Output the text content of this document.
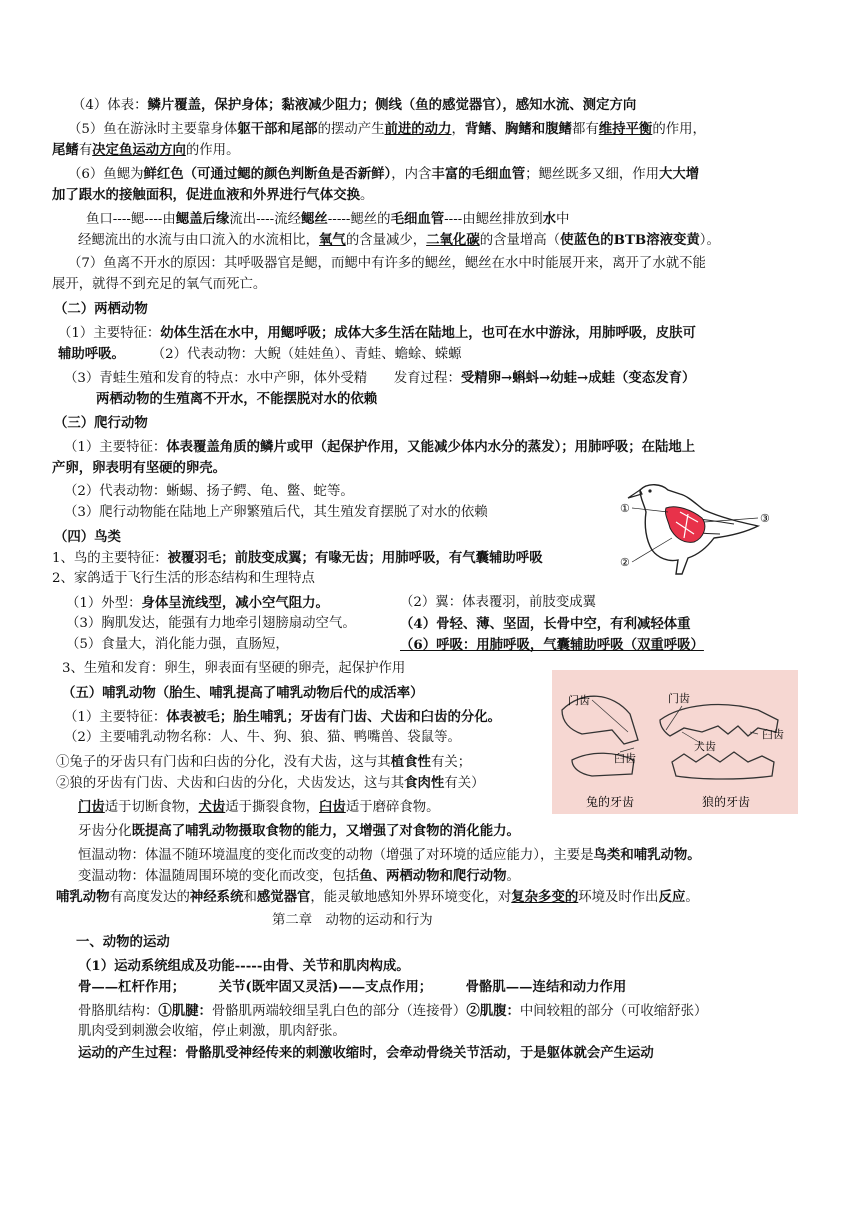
（4）体表：鳞片覆盖，保护身体；黏液减少阻力；侧线（鱼的感觉器官），感知水流、测定方向
（5）鱼在游泳时主要靠身体躯干部和尾部的摆动产生前进的动力，背鳍、胸鳍和腹鳍都有维持平衡的作用，
尾鳍有决定鱼运动方向的作用。
（6）鱼鳃为鲜红色（可通过鳃的颜色判断鱼是否新鲜），内含丰富的毛细血管；鳃丝既多又细，作用大大增
加了跟水的接触面积，促进血液和外界进行气体交换。
鱼口----鳃----由鳃盖后缘流出----流经鳃丝-----鳃丝的毛细血管----由鳃丝排放到水中
经鳃流出的水流与由口流入的水流相比，氧气的含量减少，二氧化碳的含量增高（使蓝色的BTB溶液变黄）。
（7）鱼离不开水的原因：其呼吸器官是鳃，而鳃中有许多的鳃丝，鳃丝在水中时能展开来，离开了水就不能
展开，就得不到充足的氧气而死亡。
（二）两栖动物
（1）主要特征：幼体生活在水中，用鳃呼吸；成体大多生活在陆地上，也可在水中游泳，用肺呼吸，皮肤可
辅助呼吸。　　　（2）代表动物：大鲵（娃娃鱼）、青蛙、蟾蜍、蝾螈
（3）青蛙生殖和发育的特点：水中产卵，体外受精　　发育过程：受精卵→蝌蚪→幼蛙→成蛙（变态发育）
两栖动物的生殖离不开水，不能摆脱对水的依赖
（三）爬行动物
（1）主要特征：体表覆盖角质的鳞片或甲（起保护作用，又能减少体内水分的蒸发）；用肺呼吸；在陆地上
产卵，卵表明有坚硬的卵壳。
（2）代表动物：蜥蜴、扬子鳄、龟、鳖、蛇等。
（3）爬行动物能在陆地上产卵繁殖后代，其生殖发育摆脱了对水的依赖
（四）鸟类
1、鸟的主要特征：被覆羽毛；前肢变成翼；有喙无齿；用肺呼吸，有气囊辅助呼吸
2、家鸽适于飞行生活的形态结构和生理特点
（1）外型：身体呈流线型，减小空气阻力。	（2）翼：体表覆羽，前肢变成翼
（3）胸肌发达，能强有力地牵引翅膀扇动空气。	（4）骨轻、薄、坚固，长骨中空，有利减轻体重
（5）食量大，消化能力强，直肠短，	（6）呼吸：用肺呼吸，气囊辅助呼吸（双重呼吸）
3、生殖和发育：卵生，卵表面有坚硬的卵壳，起保护作用
（五）哺乳动物（胎生、哺乳提高了哺乳动物后代的成活率）
（1）主要特征：体表被毛；胎生哺乳；牙齿有门齿、犬齿和臼齿的分化。
（2）主要哺乳动物名称：人、牛、狗、狼、猫、鸭嘴兽、袋鼠等。
①兔子的牙齿只有门齿和臼齿的分化，没有犬齿，这与其植食性有关；
②狼的牙齿有门齿、犬齿和臼齿的分化，犬齿发达，这与其食肉性有关）
门齿适于切断食物，犬齿适于撕裂食物，臼齿适于磨碎食物。
牙齿分化既提高了哺乳动物摄取食物的能力，又增强了对食物的消化能力。
恒温动物：体温不随环境温度的变化而改变的动物（增强了对环境的适应能力），主要是鸟类和哺乳动物。
变温动物：体温随周围环境的变化而改变，包括鱼、两栖动物和爬行动物。
哺乳动物有高度发达的神经系统和感觉器官，能灵敏地感知外界环境变化，对复杂多变的环境及时作出反应。
第二章　动物的运动和行为
一、动物的运动
（1）运动系统组成及功能-----由骨、关节和肌肉构成。
骨——杠杆作用；　　　关节(既牢固又灵活)——支点作用；　　　骨骼肌——连结和动力作用
骨胳肌结构：①肌腱：骨骼肌两端较细呈乳白色的部分（连接骨）②肌腹：中间较粗的部分（可收缩舒张）
肌肉受到刺激会收缩，停止刺激，肌肉舒张。
运动的产生过程：骨骼肌受神经传来的刺激收缩时，会牵动骨绕关节活动，于是躯体就会产生运动
①
③
②
门齿	门齿
犬齿
臼齿
臼齿
兔的牙齿	狼的牙齿
